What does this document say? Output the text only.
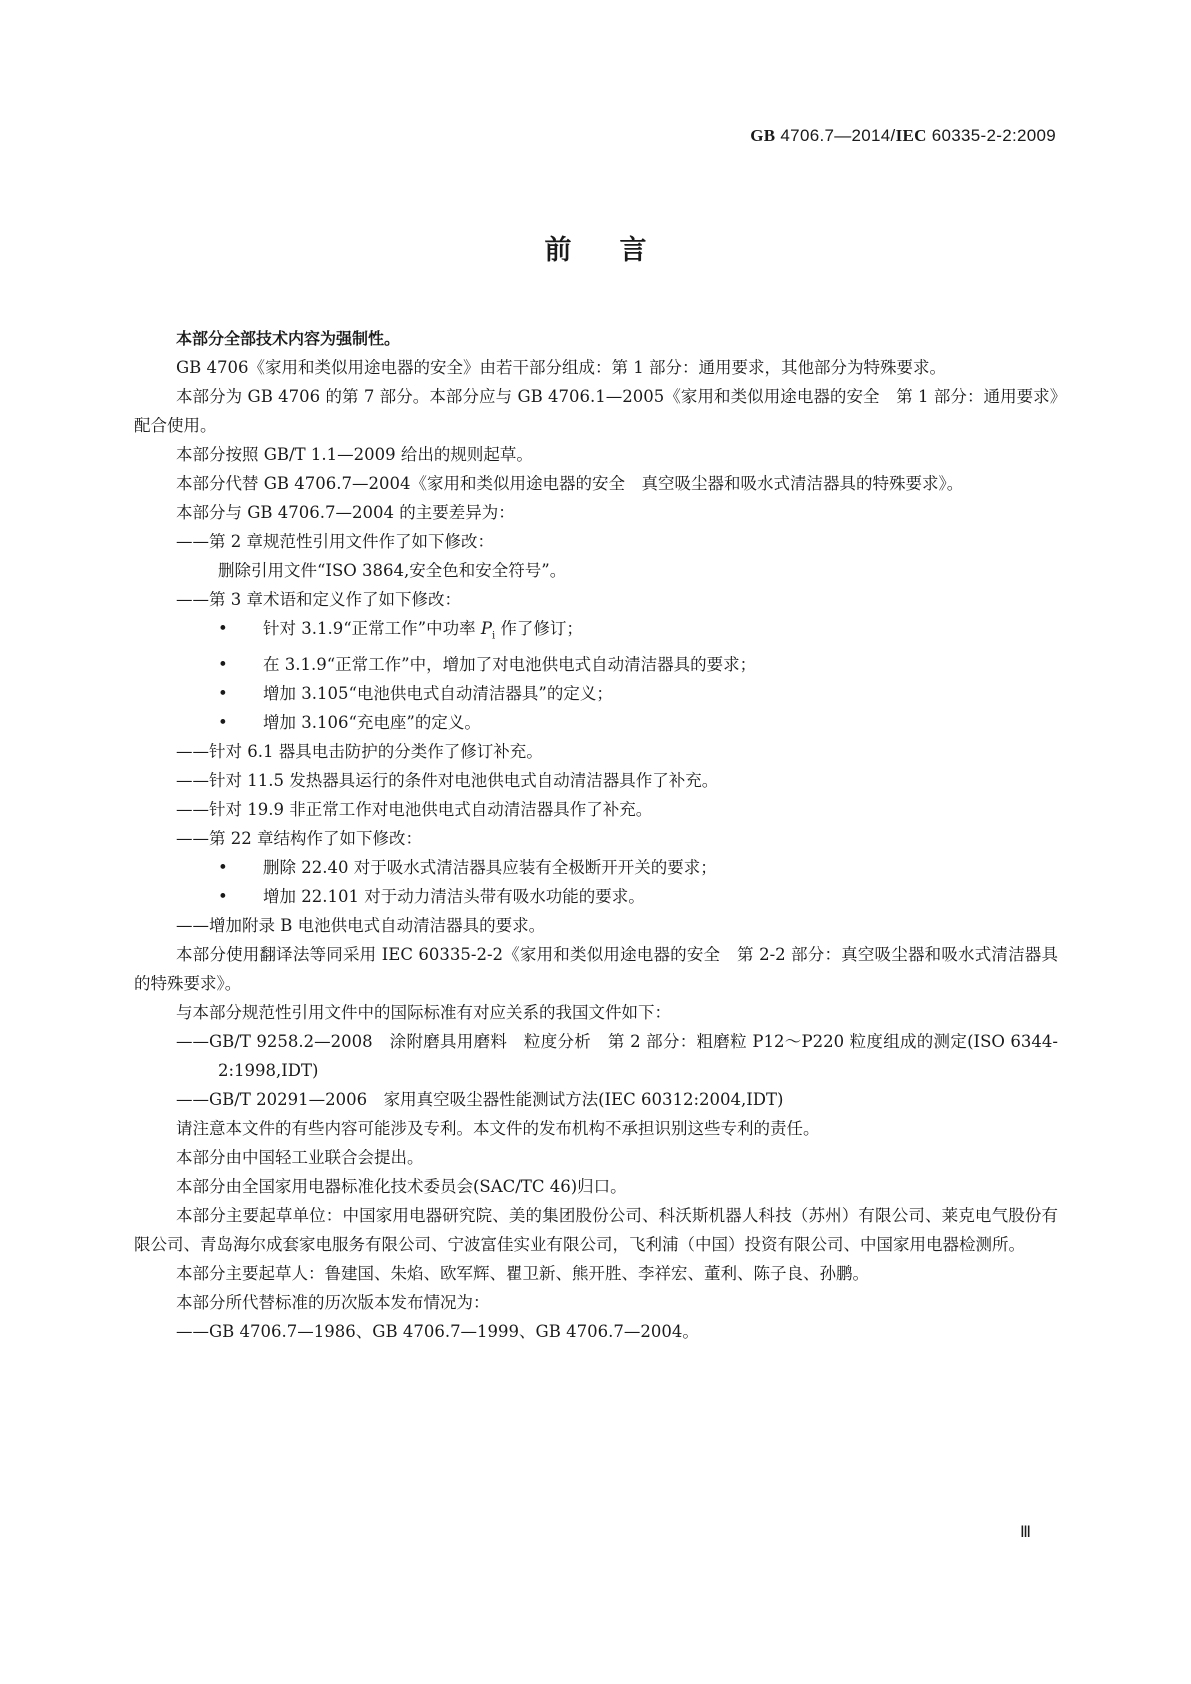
GB 4706.7—2014/IEC 60335-2-2:2009
前言

本部分全部技术内容为强制性。

GB 4706《家用和类似用途电器的安全》由若干部分组成：第 1 部分：通用要求，其他部分为特殊要求。

本部分为 GB 4706 的第 7 部分。本部分应与 GB 4706.1—2005《家用和类似用途电器的安全　第 1 部分：通用要求》配合使用。

本部分按照 GB/T 1.1—2009 给出的规则起草。

本部分代替 GB 4706.7—2004《家用和类似用途电器的安全　真空吸尘器和吸水式清洁器具的特殊要求》。

本部分与 GB 4706.7—2004 的主要差异为：

——第 2 章规范性引用文件作了如下修改：

删除引用文件“ISO 3864,安全色和安全符号”。

——第 3 章术语和定义作了如下修改：

• 针对 3.1.9“正常工作”中功率 $P_i$ 作了修订；

• 在 3.1.9“正常工作”中，增加了对电池供电式自动清洁器具的要求；

• 增加 3.105“电池供电式自动清洁器具”的定义；

• 增加 3.106“充电座”的定义。

——针对 6.1 器具电击防护的分类作了修订补充。

——针对 11.5 发热器具运行的条件对电池供电式自动清洁器具作了补充。

——针对 19.9 非正常工作对电池供电式自动清洁器具作了补充。

——第 22 章结构作了如下修改：

• 删除 22.40 对于吸水式清洁器具应装有全极断开开关的要求；

• 增加 22.101 对于动力清洁头带有吸水功能的要求。

——增加附录 B 电池供电式自动清洁器具的要求。

本部分使用翻译法等同采用 IEC 60335-2-2《家用和类似用途电器的安全　第 2-2 部分：真空吸尘器和吸水式清洁器具的特殊要求》。

与本部分规范性引用文件中的国际标准有对应关系的我国文件如下：

——GB/T 9258.2—2008　涂附磨具用磨料　粒度分析　第 2 部分：粗磨粒 P12～P220 粒度组成的测定(ISO 6344-2:1998,IDT)

——GB/T 20291—2006　家用真空吸尘器性能测试方法(IEC 60312:2004,IDT)

请注意本文件的有些内容可能涉及专利。本文件的发布机构不承担识别这些专利的责任。

本部分由中国轻工业联合会提出。

本部分由全国家用电器标准化技术委员会(SAC/TC 46)归口。

本部分主要起草单位：中国家用电器研究院、美的集团股份公司、科沃斯机器人科技（苏州）有限公司、莱克电气股份有限公司、青岛海尔成套家电服务有限公司、宁波富佳实业有限公司，飞利浦（中国）投资有限公司、中国家用电器检测所。

本部分主要起草人：鲁建国、朱焰、欧军辉、瞿卫新、熊开胜、李祥宏、董利、陈子良、孙鹏。

本部分所代替标准的历次版本发布情况为：

——GB 4706.7—1986、GB 4706.7—1999、GB 4706.7—2004。

Ⅲ
